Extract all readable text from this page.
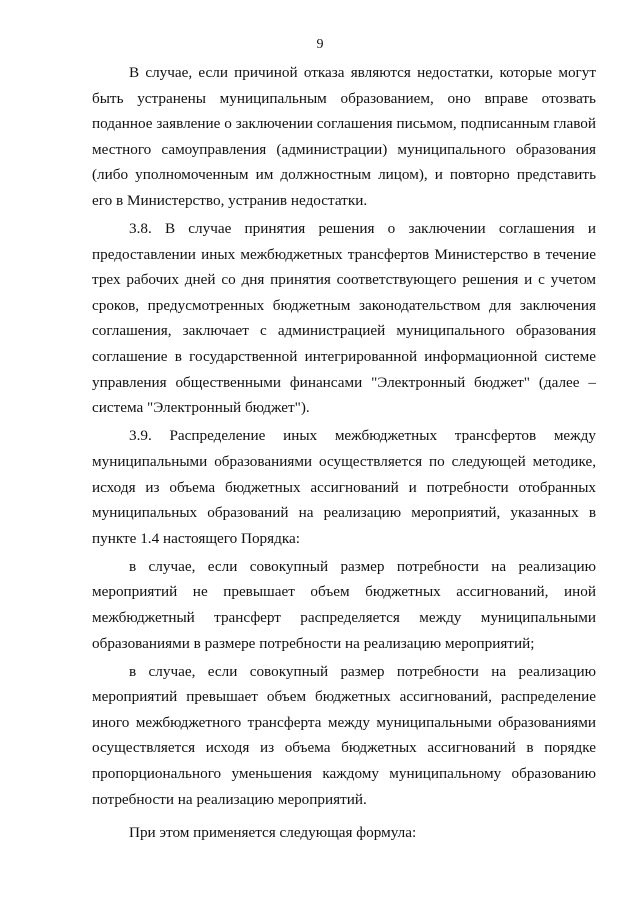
9

В случае, если причиной отказа являются недостатки, которые могут быть устранены муниципальным образованием, оно вправе отозвать поданное заявление о заключении соглашения письмом, подписанным главой местного самоуправления (администрации) муниципального образования (либо уполномоченным им должностным лицом), и повторно представить его в Министерство, устранив недостатки.

3.8. В случае принятия решения о заключении соглашения и предоставлении иных межбюджетных трансфертов Министерство в течение трех рабочих дней со дня принятия соответствующего решения и с учетом сроков, предусмотренных бюджетным законодательством для заключения соглашения, заключает с администрацией муниципального образования соглашение в государственной интегрированной информационной системе управления общественными финансами "Электронный бюджет" (далее – система "Электронный бюджет").

3.9. Распределение иных межбюджетных трансфертов между муниципальными образованиями осуществляется по следующей методике, исходя из объема бюджетных ассигнований и потребности отобранных муниципальных образований на реализацию мероприятий, указанных в пункте 1.4 настоящего Порядка:

в случае, если совокупный размер потребности на реализацию мероприятий не превышает объем бюджетных ассигнований, иной межбюджетный трансферт распределяется между муниципальными образованиями в размере потребности на реализацию мероприятий;

в случае, если совокупный размер потребности на реализацию мероприятий превышает объем бюджетных ассигнований, распределение иного межбюджетного трансферта между муниципальными образованиями осуществляется исходя из объема бюджетных ассигнований в порядке пропорционального уменьшения каждому муниципальному образованию потребности на реализацию мероприятий.

При этом применяется следующая формула:
